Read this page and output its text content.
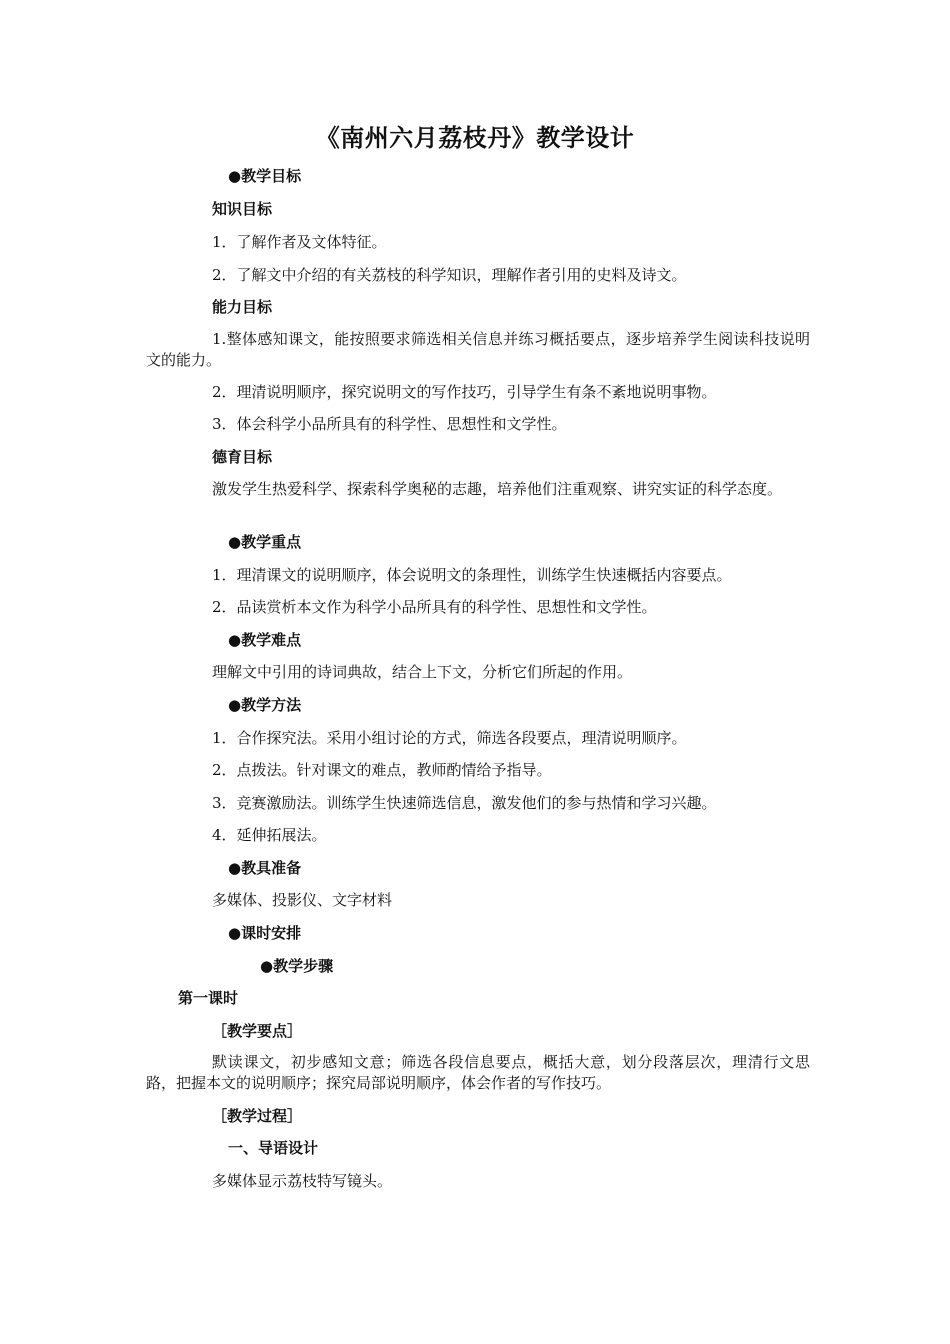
《南州六月荔枝丹》教学设计
●教学目标
知识目标
1．了解作者及文体特征。
2．了解文中介绍的有关荔枝的科学知识，理解作者引用的史料及诗文。
能力目标
1.整体感知课文，能按照要求筛选相关信息并练习概括要点，逐步培养学生阅读科技说明文的能力。
2．理清说明顺序，探究说明文的写作技巧，引导学生有条不紊地说明事物。
3．体会科学小品所具有的科学性、思想性和文学性。
德育目标
激发学生热爱科学、探索科学奥秘的志趣，培养他们注重观察、讲究实证的科学态度。
●教学重点
1．理清课文的说明顺序，体会说明文的条理性，训练学生快速概括内容要点。
2．品读赏析本文作为科学小品所具有的科学性、思想性和文学性。
●教学难点
理解文中引用的诗词典故，结合上下文，分析它们所起的作用。
●教学方法
1．合作探究法。采用小组讨论的方式，筛选各段要点，理清说明顺序。
2．点拨法。针对课文的难点，教师酌情给予指导。
3．竞赛激励法。训练学生快速筛选信息，激发他们的参与热情和学习兴趣。
4．延伸拓展法。
●教具准备
多媒体、投影仪、文字材料
●课时安排
●教学步骤
第一课时
［教学要点］
默读课文，初步感知文意；筛选各段信息要点，概括大意，划分段落层次，理清行文思路，把握本文的说明顺序；探究局部说明顺序，体会作者的写作技巧。
［教学过程］
一、导语设计
多媒体显示荔枝特写镜头。
